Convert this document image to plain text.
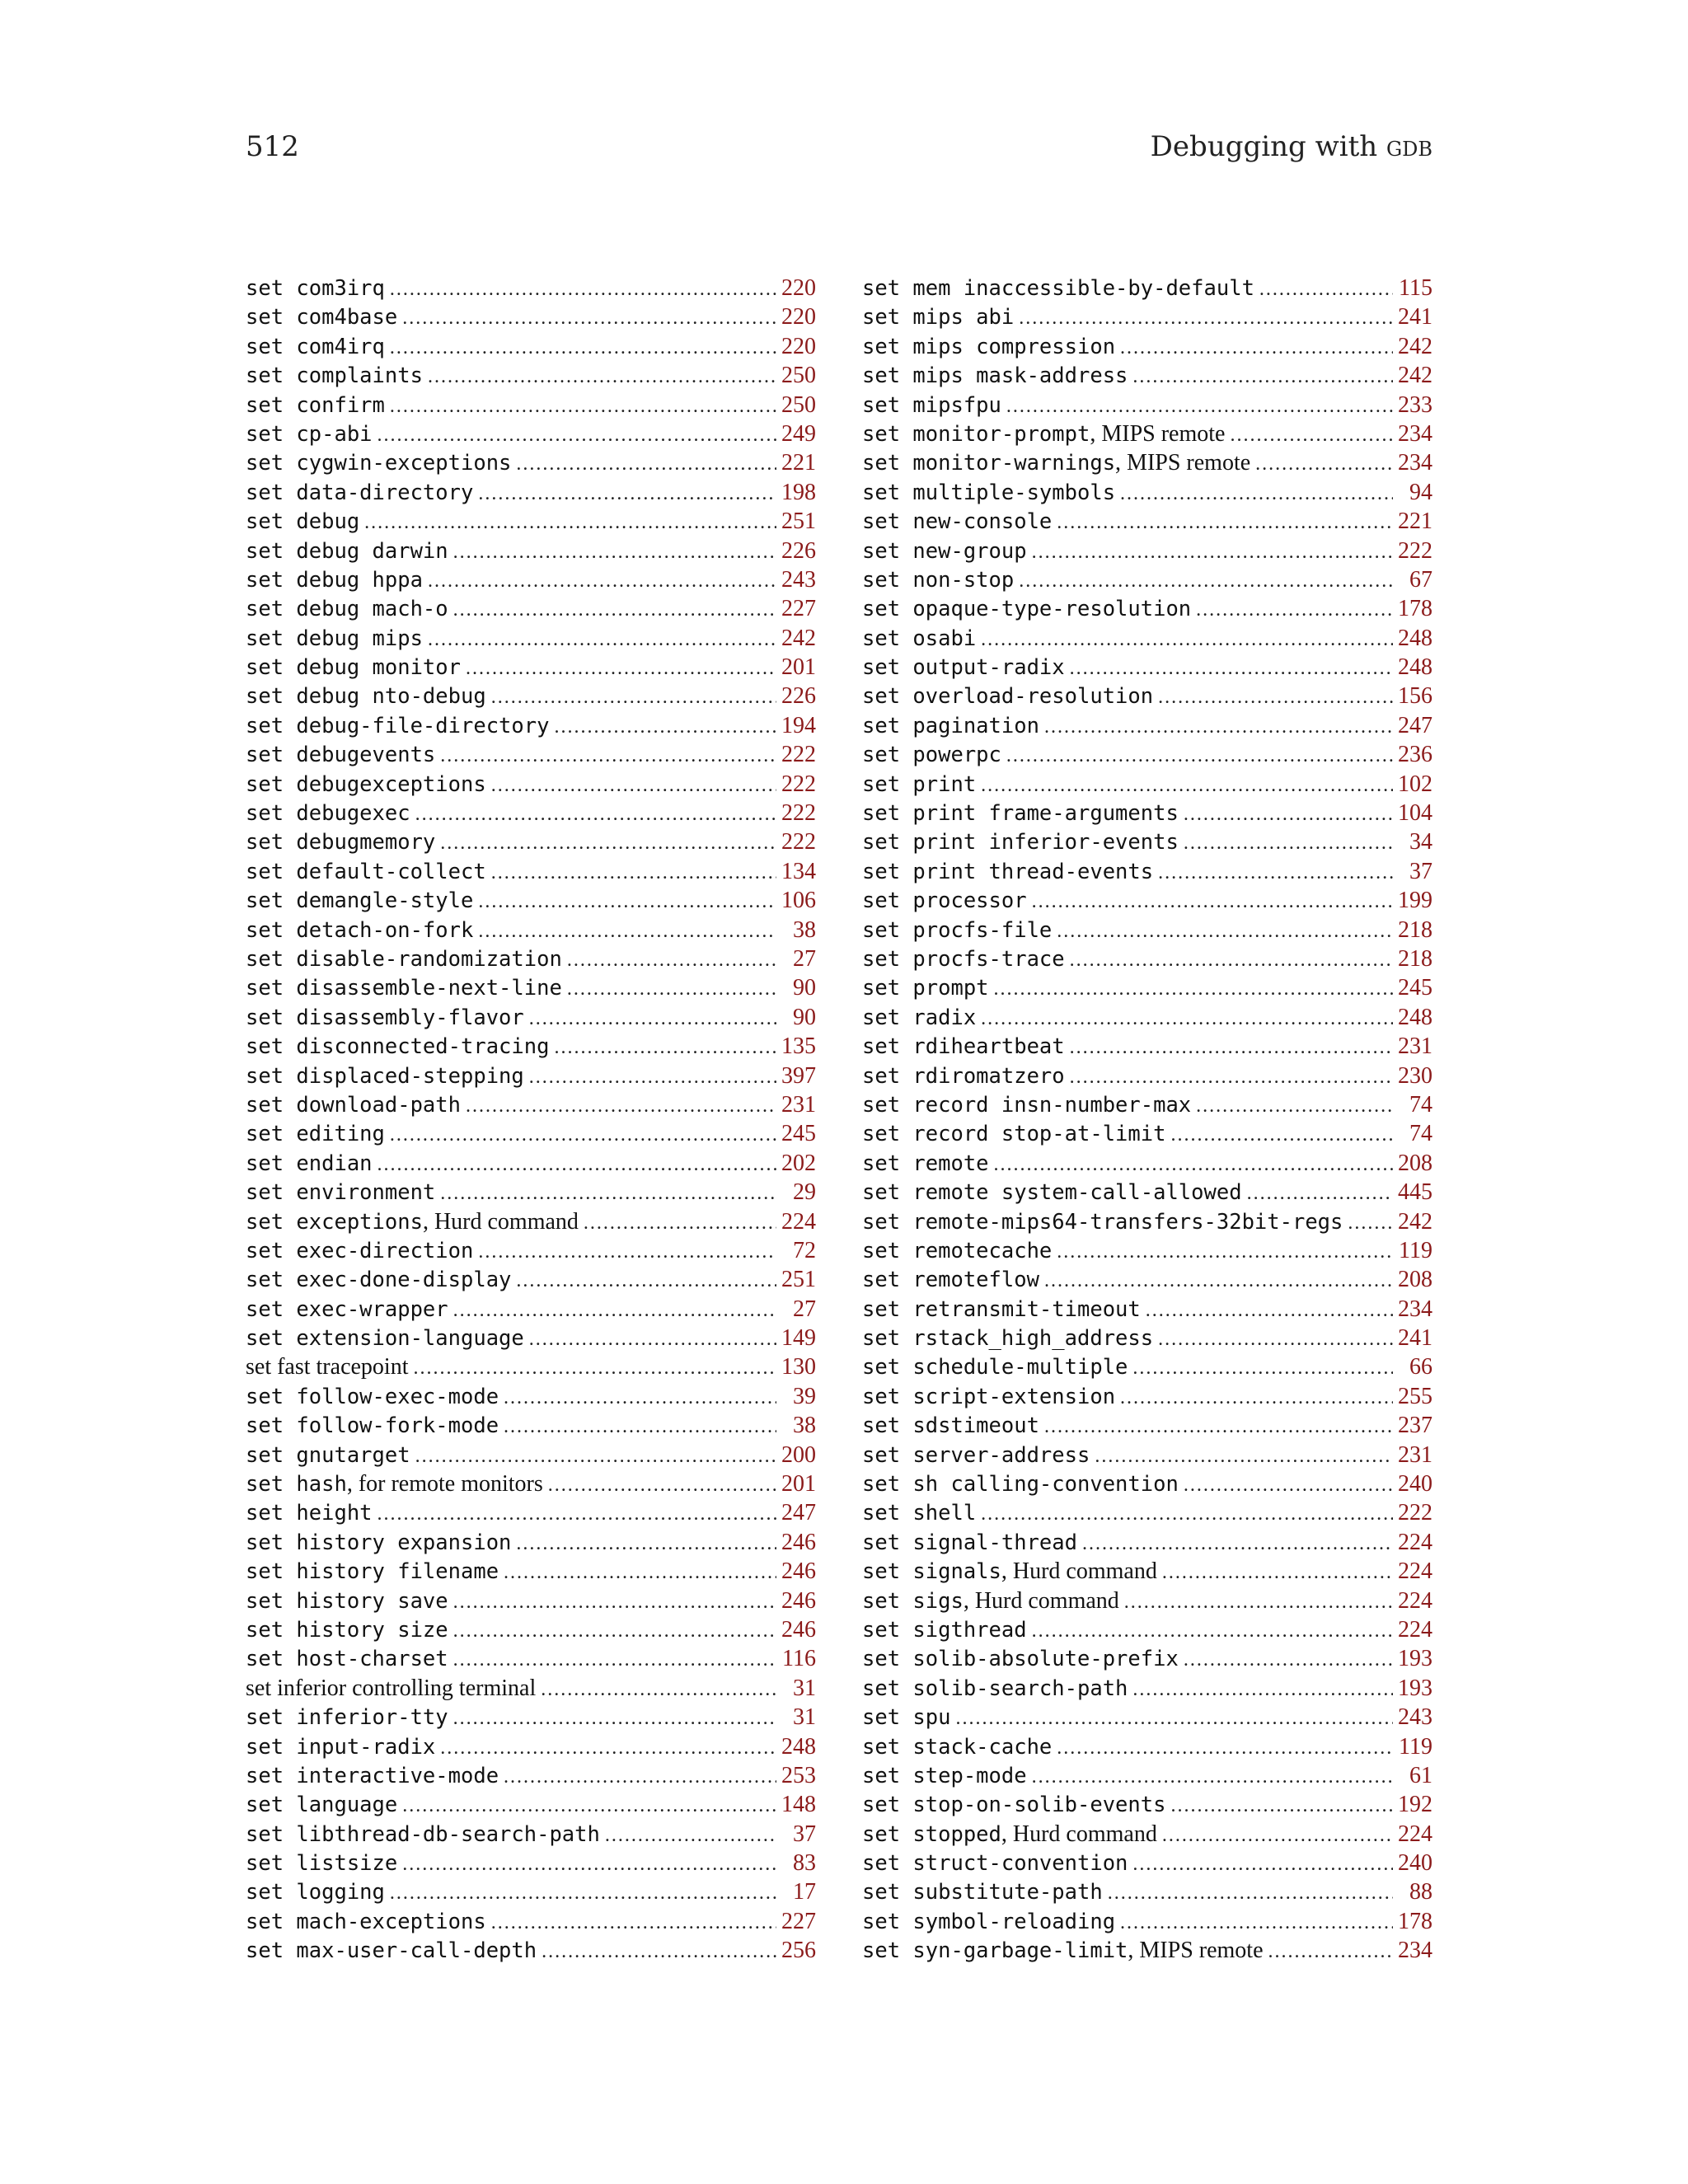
512	Debugging with gdb
set com3irq . . .	220
set com4base . . .	220
set com4irq . . .	220
set complaints . . .	250
set confirm . . .	250
set cp-abi . . .	249
set cygwin-exceptions . . .	221
set data-directory . . .	198
set debug . . .	251
set debug darwin . . .	226
set debug hppa . . .	243
set debug mach-o . . .	227
set debug mips . . .	242
set debug monitor . . .	201
set debug nto-debug . . .	226
set debug-file-directory . . .	194
set debugevents . . .	222
set debugexceptions . . .	222
set debugexec . . .	222
set debugmemory . . .	222
set default-collect . . .	134
set demangle-style . . .	106
set detach-on-fork . . .	38
set disable-randomization . . .	27
set disassemble-next-line . . .	90
set disassembly-flavor . . .	90
set disconnected-tracing . . .	135
set displaced-stepping . . .	397
set download-path . . .	231
set editing . . .	245
set endian . . .	202
set environment . . .	29
set exceptions, Hurd command . . .	224
set exec-direction . . .	72
set exec-done-display . . .	251
set exec-wrapper . . .	27
set extension-language . . .	149
set fast tracepoint . . .	130
set follow-exec-mode . . .	39
set follow-fork-mode . . .	38
set gnutarget . . .	200
set hash, for remote monitors . . .	201
set height . . .	247
set history expansion . . .	246
set history filename . . .	246
set history save . . .	246
set history size . . .	246
set host-charset . . .	116
set inferior controlling terminal . . .	31
set inferior-tty . . .	31
set input-radix . . .	248
set interactive-mode . . .	253
set language . . .	148
set libthread-db-search-path . . .	37
set listsize . . .	83
set logging . . .	17
set mach-exceptions . . .	227
set max-user-call-depth . . .	256
set mem inaccessible-by-default . . .	115
set mips abi . . .	241
set mips compression . . .	242
set mips mask-address . . .	242
set mipsfpu . . .	233
set monitor-prompt, MIPS remote . . .	234
set monitor-warnings, MIPS remote . . .	234
set multiple-symbols . . .	94
set new-console . . .	221
set new-group . . .	222
set non-stop . . .	67
set opaque-type-resolution . . .	178
set osabi . . .	248
set output-radix . . .	248
set overload-resolution . . .	156
set pagination . . .	247
set powerpc . . .	236
set print . . .	102
set print frame-arguments . . .	104
set print inferior-events . . .	34
set print thread-events . . .	37
set processor . . .	199
set procfs-file . . .	218
set procfs-trace . . .	218
set prompt . . .	245
set radix . . .	248
set rdiheartbeat . . .	231
set rdiromatzero . . .	230
set record insn-number-max . . .	74
set record stop-at-limit . . .	74
set remote . . .	208
set remote system-call-allowed . . .	445
set remote-mips64-transfers-32bit-regs . . . 242
set remotecache . . .	119
set remoteflow . . .	208
set retransmit-timeout . . .	234
set rstack_high_address . . .	241
set schedule-multiple . . .	66
set script-extension . . .	255
set sdstimeout . . .	237
set server-address . . .	231
set sh calling-convention . . .	240
set shell . . .	222
set signal-thread . . .	224
set signals, Hurd command . . .	224
set sigs, Hurd command . . .	224
set sigthread . . .	224
set solib-absolute-prefix . . .	193
set solib-search-path . . .	193
set spu . . .	243
set stack-cache . . .	119
set step-mode . . .	61
set stop-on-solib-events . . .	192
set stopped, Hurd command . . .	224
set struct-convention . . .	240
set substitute-path . . .	88
set symbol-reloading . . .	178
set syn-garbage-limit, MIPS remote . . .	234
